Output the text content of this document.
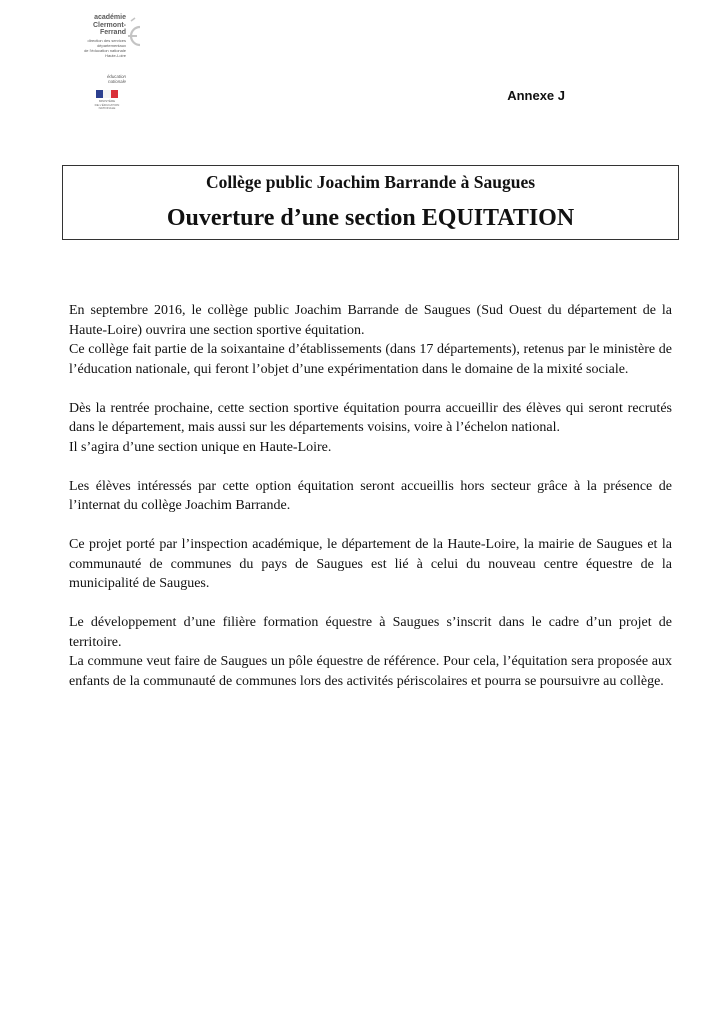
académie
Clermont-Ferrand
direction des services
départementaux
de l'éducation nationale
Haute-Loire
éducation
nationale
MINISTÈRE
DE L'ÉDUCATION NATIONALE
Annexe J
Collège public Joachim Barrande à Saugues
Ouverture d’une section EQUITATION

En septembre 2016, le collège public Joachim Barrande de Saugues (Sud Ouest du département de la Haute-Loire) ouvrira une section sportive équitation.
Ce collège fait partie de la soixantaine d’établissements (dans 17 départements), retenus par le ministère de l’éducation nationale, qui feront l’objet d’une expérimentation dans le domaine de la mixité sociale.

Dès la rentrée prochaine, cette section sportive équitation pourra accueillir des élèves qui seront recrutés dans le département, mais aussi sur les départements voisins, voire à l’échelon national.
Il s’agira d’une section unique en Haute-Loire.

Les élèves intéressés par cette option équitation seront accueillis hors secteur grâce à la présence de l’internat du collège Joachim Barrande.

Ce projet porté par l’inspection académique, le département de la Haute-Loire, la mairie de Saugues et la communauté de communes du pays de Saugues est lié à celui du nouveau centre équestre de la municipalité de Saugues.

Le développement d’une filière formation équestre à Saugues s’inscrit dans le cadre d’un projet de territoire.
La commune veut faire de Saugues un pôle équestre de référence. Pour cela, l’équitation sera proposée aux enfants de la communauté de communes lors des activités périscolaires et pourra se poursuivre au collège.
